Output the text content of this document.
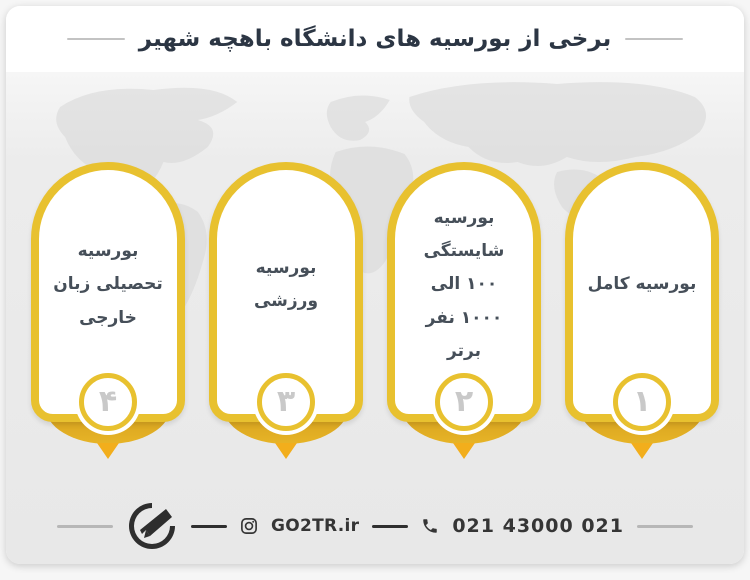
برخی از بورسیه های دانشگاه باهچه شهیر
بورسیه کامل
۱
بورسیه شایستگی ۱۰۰ الی ۱۰۰۰ نفر برتر
۲
بورسیه ورزشی
۳
بورسیه تحصیلی زبان خارجی
۴
GO2TR.ir	021 43000 021
